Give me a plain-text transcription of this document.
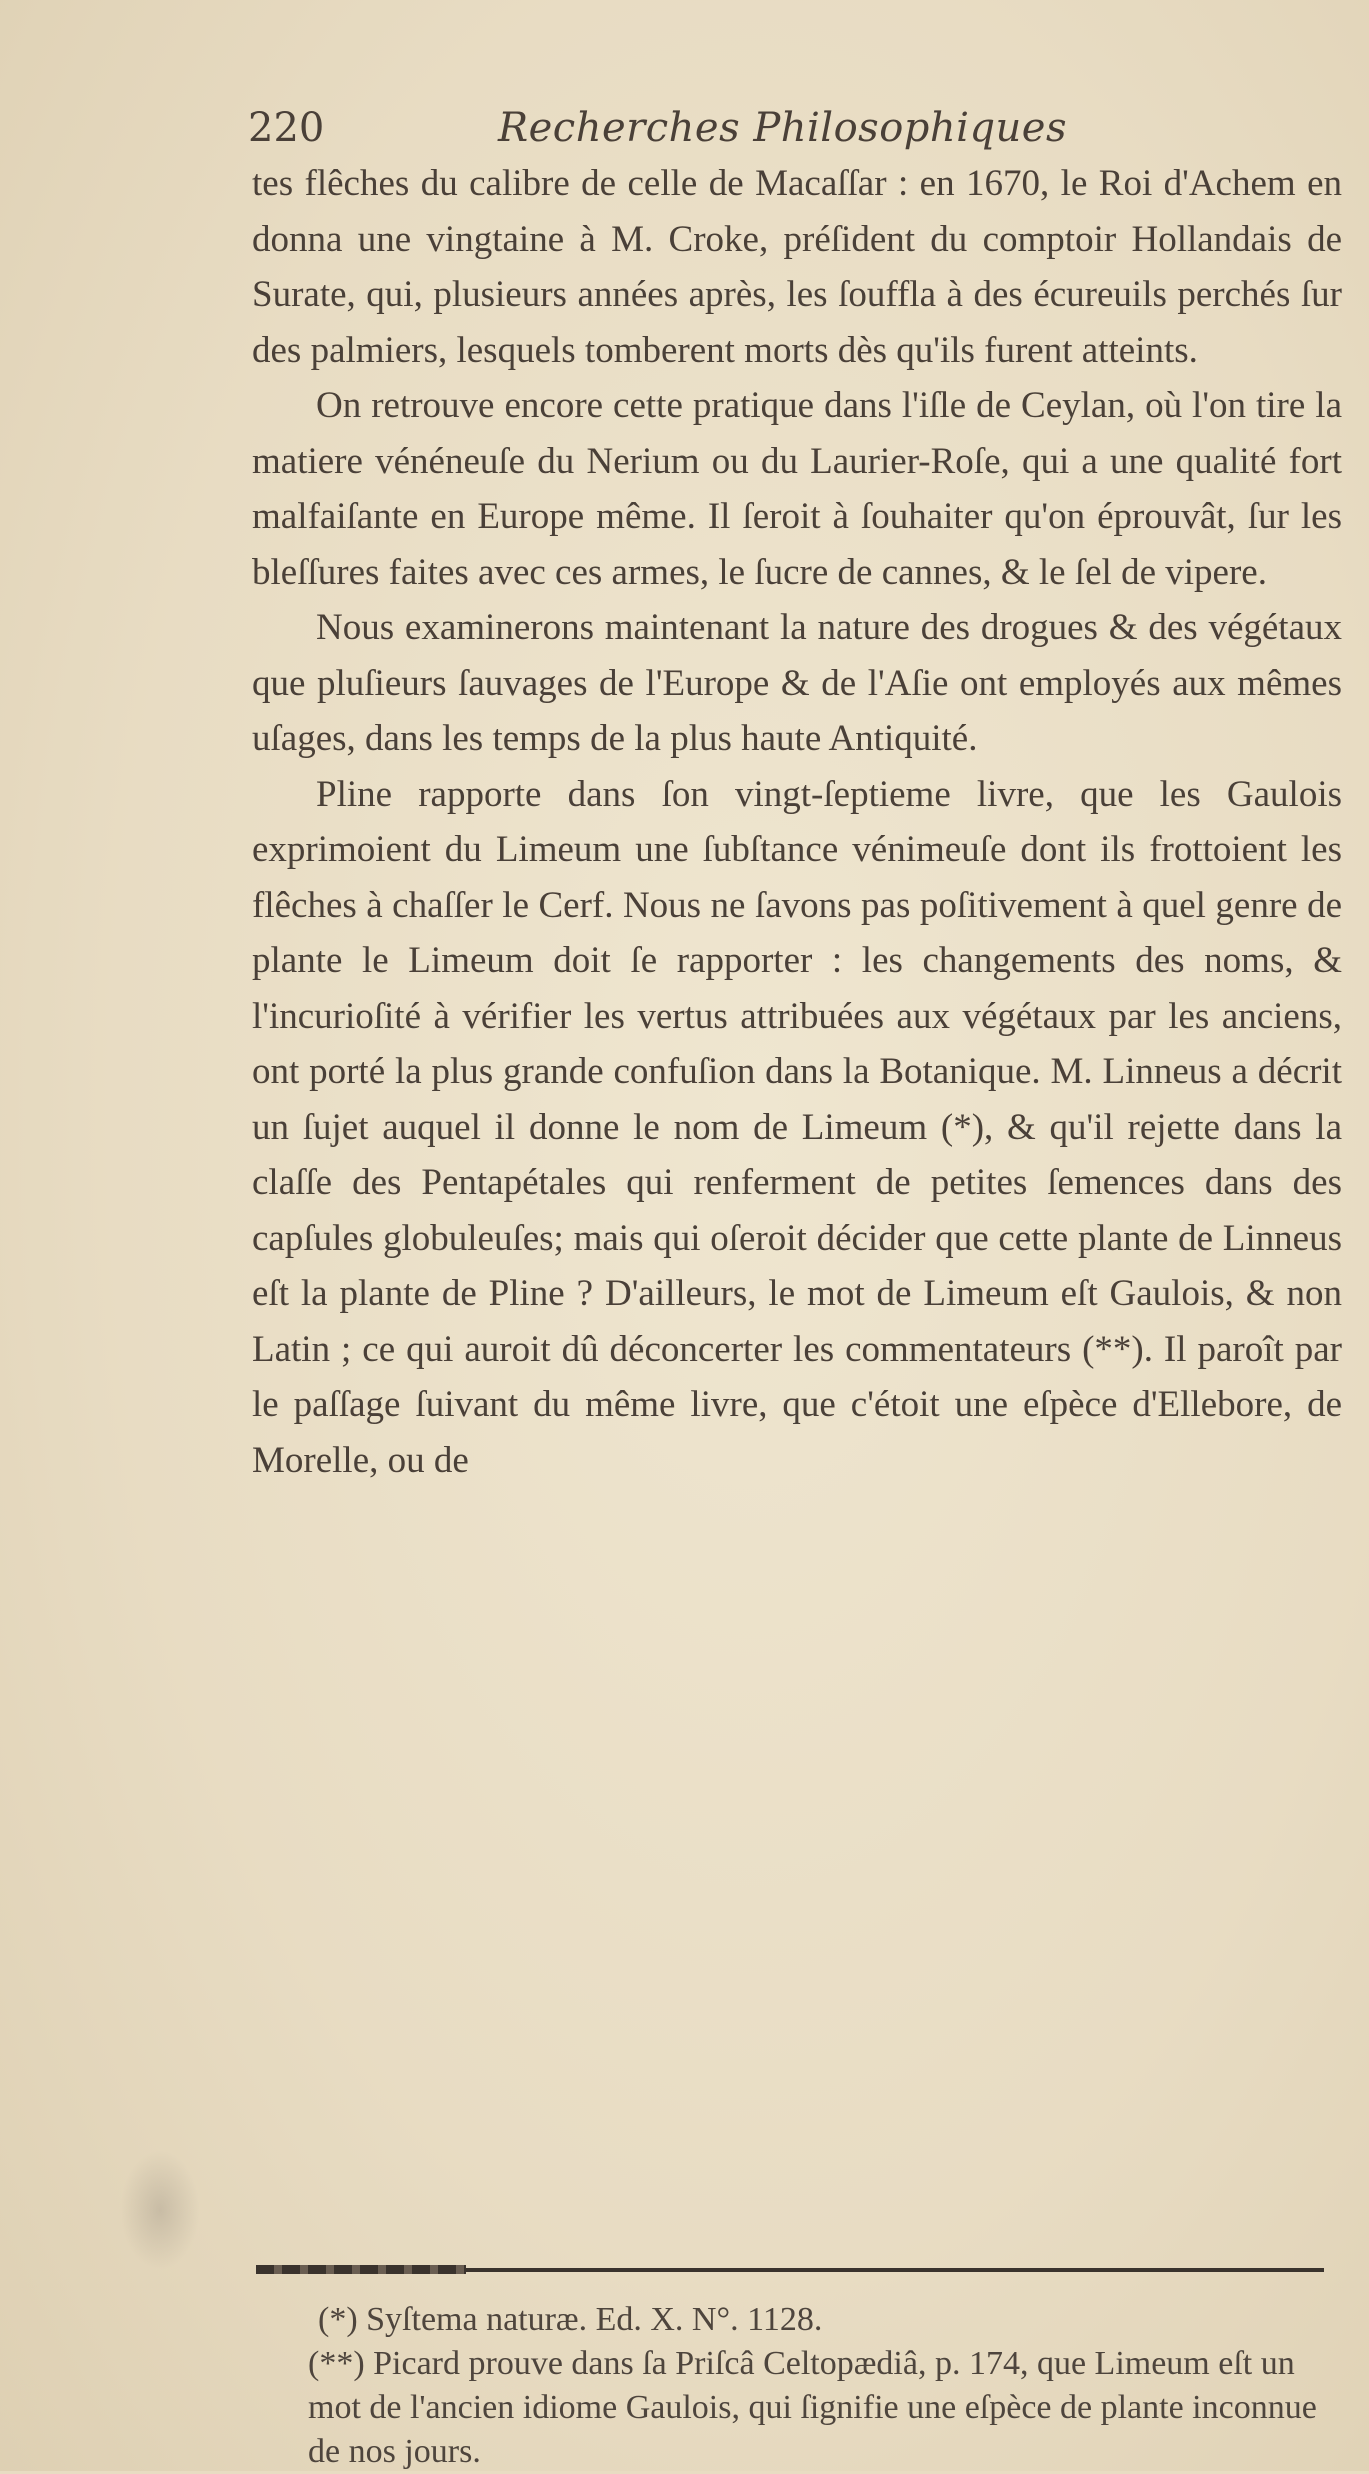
220	Recherches Philosophiques

tes flêches du calibre de celle de Macaſſar : en 1670, le Roi d'Achem en donna une vingtaine à M. Croke, préſident du comptoir Hollandais de Surate, qui, plusieurs années après, les ſouffla à des écureuils perchés ſur des palmiers, lesquels tomberent morts dès qu'ils furent atteints.

On retrouve encore cette pratique dans l'iſle de Ceylan, où l'on tire la matiere vénéneuſe du Nerium ou du Laurier-Roſe, qui a une qualité fort malfaiſante en Europe même. Il ſeroit à ſouhaiter qu'on éprouvât, ſur les bleſſures faites avec ces armes, le ſucre de cannes, & le ſel de vipere.

Nous examinerons maintenant la nature des drogues & des végétaux que pluſieurs ſauvages de l'Europe & de l'Aſie ont employés aux mêmes uſages, dans les temps de la plus haute Antiquité.

Pline rapporte dans ſon vingt-ſeptieme livre, que les Gaulois exprimoient du Limeum une ſubſtance vénimeuſe dont ils frottoient les flêches à chaſſer le Cerf. Nous ne ſavons pas poſitivement à quel genre de plante le Limeum doit ſe rapporter : les changements des noms, & l'incurioſité à vérifier les vertus attribuées aux végétaux par les anciens, ont porté la plus grande confuſion dans la Botanique. M. Linneus a décrit un ſujet auquel il donne le nom de Limeum (*), & qu'il rejette dans la claſſe des Pentapétales qui renferment de petites ſemences dans des capſules globuleuſes; mais qui oſeroit décider que cette plante de Linneus eſt la plante de Pline ? D'ailleurs, le mot de Limeum eſt Gaulois, & non Latin ; ce qui auroit dû déconcerter les commentateurs (**). Il paroît par le paſſage ſuivant du même livre, que c'étoit une eſpèce d'Ellebore, de Morelle, ou de

(*) Syſtema naturæ. Ed. X. N°. 1128.
(**) Picard prouve dans ſa Priſcâ Celtopædiâ, p. 174, que Limeum eſt un mot de l'ancien idiome Gaulois, qui ſignifie une eſpèce de plante inconnue de nos jours.
